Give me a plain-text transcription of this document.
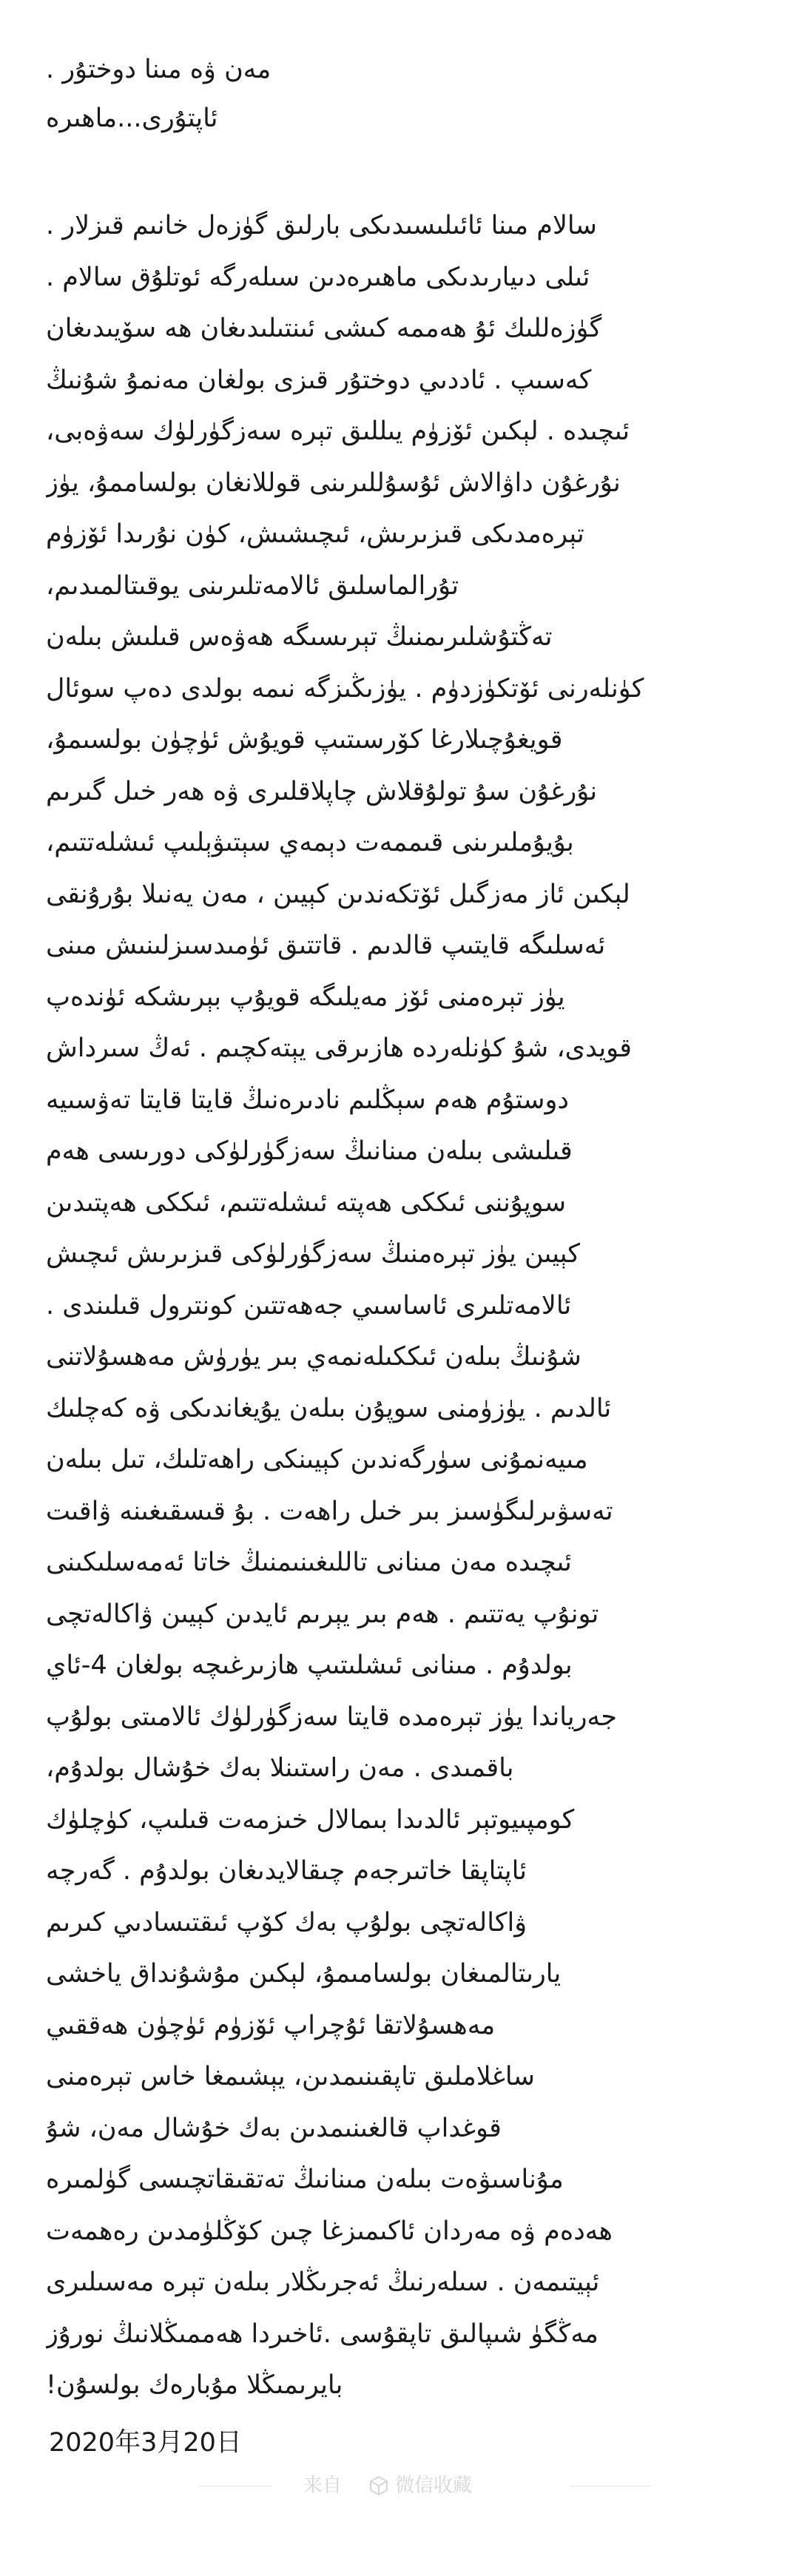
مەن ۋە مىنا دوختۇر .
ئاپتۇرى...ماھىرە
سالام مىنا ئائىلىسىدىكى بارلىق گۈزەل خانىم قىزلار .
ئىلى دىيارىدىكى ماھىرەدىن سىلەرگە ئوتلۇق سالام .
گۈزەللىك ئۇ ھەممە كىشى ئىنتىلىدىغان ھە سۆيىدىغان
كەسىپ . ئاددىي دوختۇر قىزى بولغان مەنمۇ شۇنىڭ
ئىچىدە . لېكىن ئۆزۈم يىللىق تېرە سەزگۈرلۈك سەۋەبى،
نۇرغۇن داۋالاش ئۇسۇللىرىنى قوللانغان بولساممۇ، يۈز
تېرەمدىكى قىزىرىش، ئىچىشىش، كۈن نۇرىدا ئۆزۈم
تۇرالماسلىق ئالامەتلىرىنى يوقىتالمىدىم،
تەڭتۇشلىرىمنىڭ تېرىسىگە ھەۋەس قىلىش بىلەن
كۈنلەرنى ئۆتكۈزدۈم . يۈزىڭىزگە نىمە بولدى دەپ سوئال
قويغۇچىلارغا كۆرسىتىپ قويۇش ئۈچۈن بولسىمۇ،
نۇرغۇن سۇ تولۇقلاش چاپلاقلىرى ۋە ھەر خىل گىرىم
بۇيۇملىرىنى قىممەت دېمەي سېتىۋېلىپ ئىشلەتتىم،
لېكىن ئاز مەزگىل ئۆتكەندىن كېيىن ، مەن يەنىلا بۇرۇنقى
ئەسلىگە قايتىپ قالدىم . قاتتىق ئۈمىدسىزلىنىش مىنى
يۈز تېرەمنى ئۆز مەيلىگە قويۇپ بېرىشكە ئۈندەپ
قويدى، شۇ كۈنلەردە ھازىرقى يېتەكچىم . ئەڭ سىرداش
دوستۇم ھەم سېڭلىم نادىرەنىڭ قايتا قايتا تەۋسىيە
قىلىشى بىلەن مىنانىڭ سەزگۈرلۈكى دورىسى ھەم
سوپۇننى ئىككى ھەپتە ئىشلەتتىم، ئىككى ھەپتىدىن
كېيىن يۈز تېرەمنىڭ سەزگۈرلۈكى قىزىرىش ئىچىش
ئالامەتلىرى ئاساسىي جەھەتتىن كونترول قىلىندى .
شۇنىڭ بىلەن ئىككىلەنمەي بىر يۈرۈش مەھسۇلاتنى
ئالدىم . يۈزۈمنى سوپۇن بىلەن يۇيغاندىكى ۋە كەچلىك
مىيەنمۇنى سۈرگەندىن كېيىنكى راھەتلىك، تىل بىلەن
تەسۋىرلىگۈسىز بىر خىل راھەت . بۇ قىسقىغىنە ۋاقىت
ئىچىدە مەن مىنانى تاللىغىنىمنىڭ خاتا ئەمەسلىكىنى
تونۇپ يەتتىم . ھەم بىر يېرىم ئايدىن كېيىن ۋاكالەتچى
بولدۇم . مىنانى ئىشلىتىپ ھازىرغىچە بولغان 4-ئاي
جەرياندا يۈز تېرەمدە قايتا سەزگۈرلۈك ئالامىتى بولۇپ
باقمىدى . مەن راستىنلا بەك خۇشال بولدۇم،
كومپىيوتېر ئالدىدا بىمالال خىزمەت قىلىپ، كۈچلۈك
ئاپتاپقا خاتىرجەم چىقالايدىغان بولدۇم . گەرچە
ۋاكالەتچى بولۇپ بەك كۆپ ئىقتىسادىي كىرىم
يارىتالمىغان بولسامىمۇ، لېكىن مۇشۇنداق ياخشى
مەھسۇلاتقا ئۇچراپ ئۆزۈم ئۈچۈن ھەققىي
ساغلاملىق تاپقىنىمدىن، يېشىمغا خاس تېرەمنى
قوغداپ قالغىنىمدىن بەك خۇشال مەن، شۇ
مۇناسىۋەت بىلەن مىنانىڭ تەتقىقاتچىسى گۈلمىرە
ھەدەم ۋە مەردان ئاكىمىزغا چىن كۆڭلۈمدىن رەھمەت
ئېيتىمەن . سىلەرنىڭ ئەجرىڭلار بىلەن تېرە مەسىلىرى
مەڭگۈ شىپالىق تاپقۇسى .ئاخىردا ھەممىڭلانىڭ نورۇز
بايرىمىڭلا مۇبارەك بولسۇن!
2020年3月20日
来自	微信收藏
